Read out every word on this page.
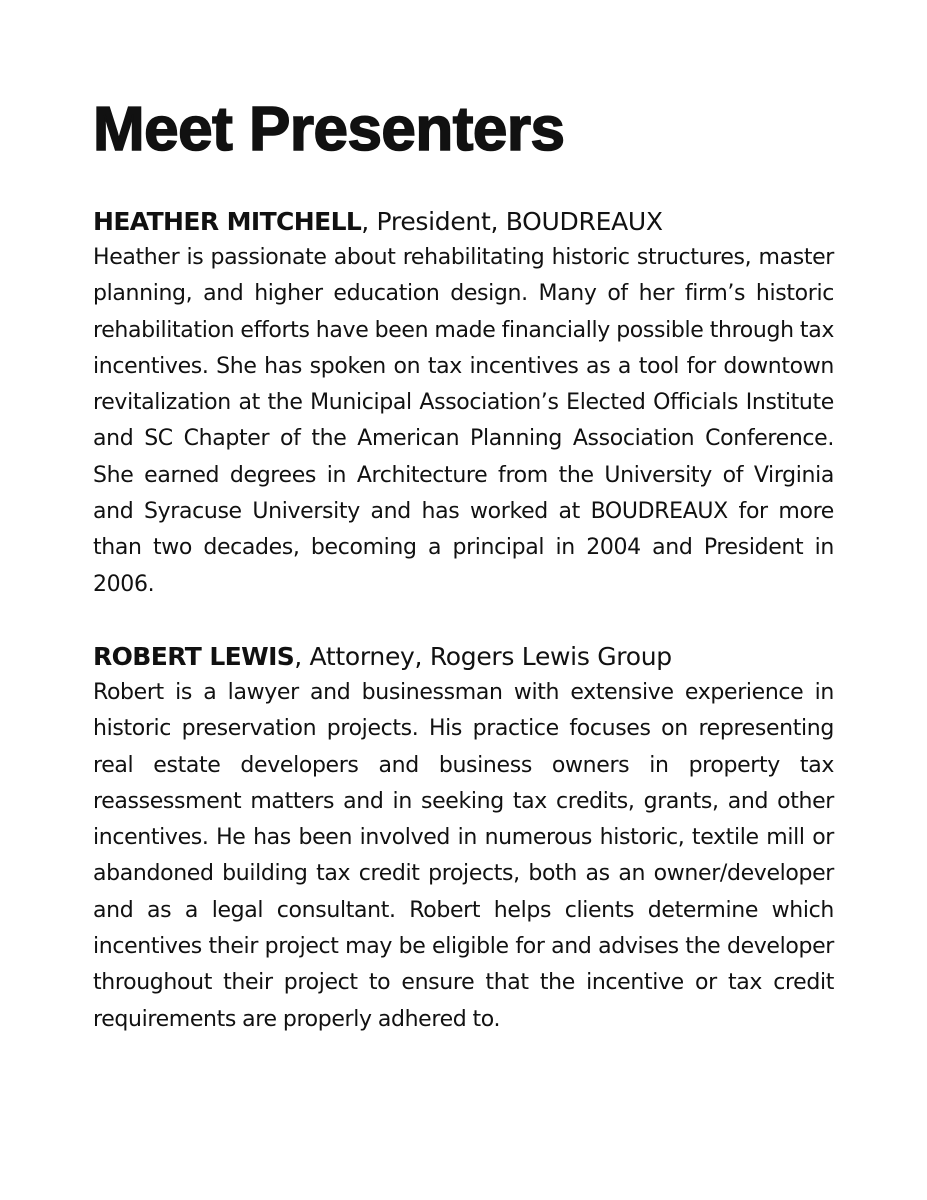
Meet Presenters

HEATHER MITCHELL, President, BOUDREAUX

Heather is passionate about rehabilitating historic structures, master planning, and higher education design. Many of her firm’s historic rehabilitation efforts have been made financially possible through tax incentives. She has spoken on tax incentives as a tool for downtown revitalization at the Municipal Association’s Elected Officials Institute and SC Chapter of the American Planning Association Conference. She earned degrees in Architecture from the University of Virginia and Syracuse University and has worked at BOUDREAUX for more than two decades, becoming a principal in 2004 and President in 2006.

ROBERT LEWIS, Attorney, Rogers Lewis Group

Robert is a lawyer and businessman with extensive experience in historic preservation projects. His practice focuses on representing real estate developers and business owners in property tax reassessment matters and in seeking tax credits, grants, and other incentives. He has been involved in numerous historic, textile mill or abandoned building tax credit projects, both as an owner/developer and as a legal consultant. Robert helps clients determine which incentives their project may be eligible for and advises the developer throughout their project to ensure that the incentive or tax credit requirements are properly adhered to.
